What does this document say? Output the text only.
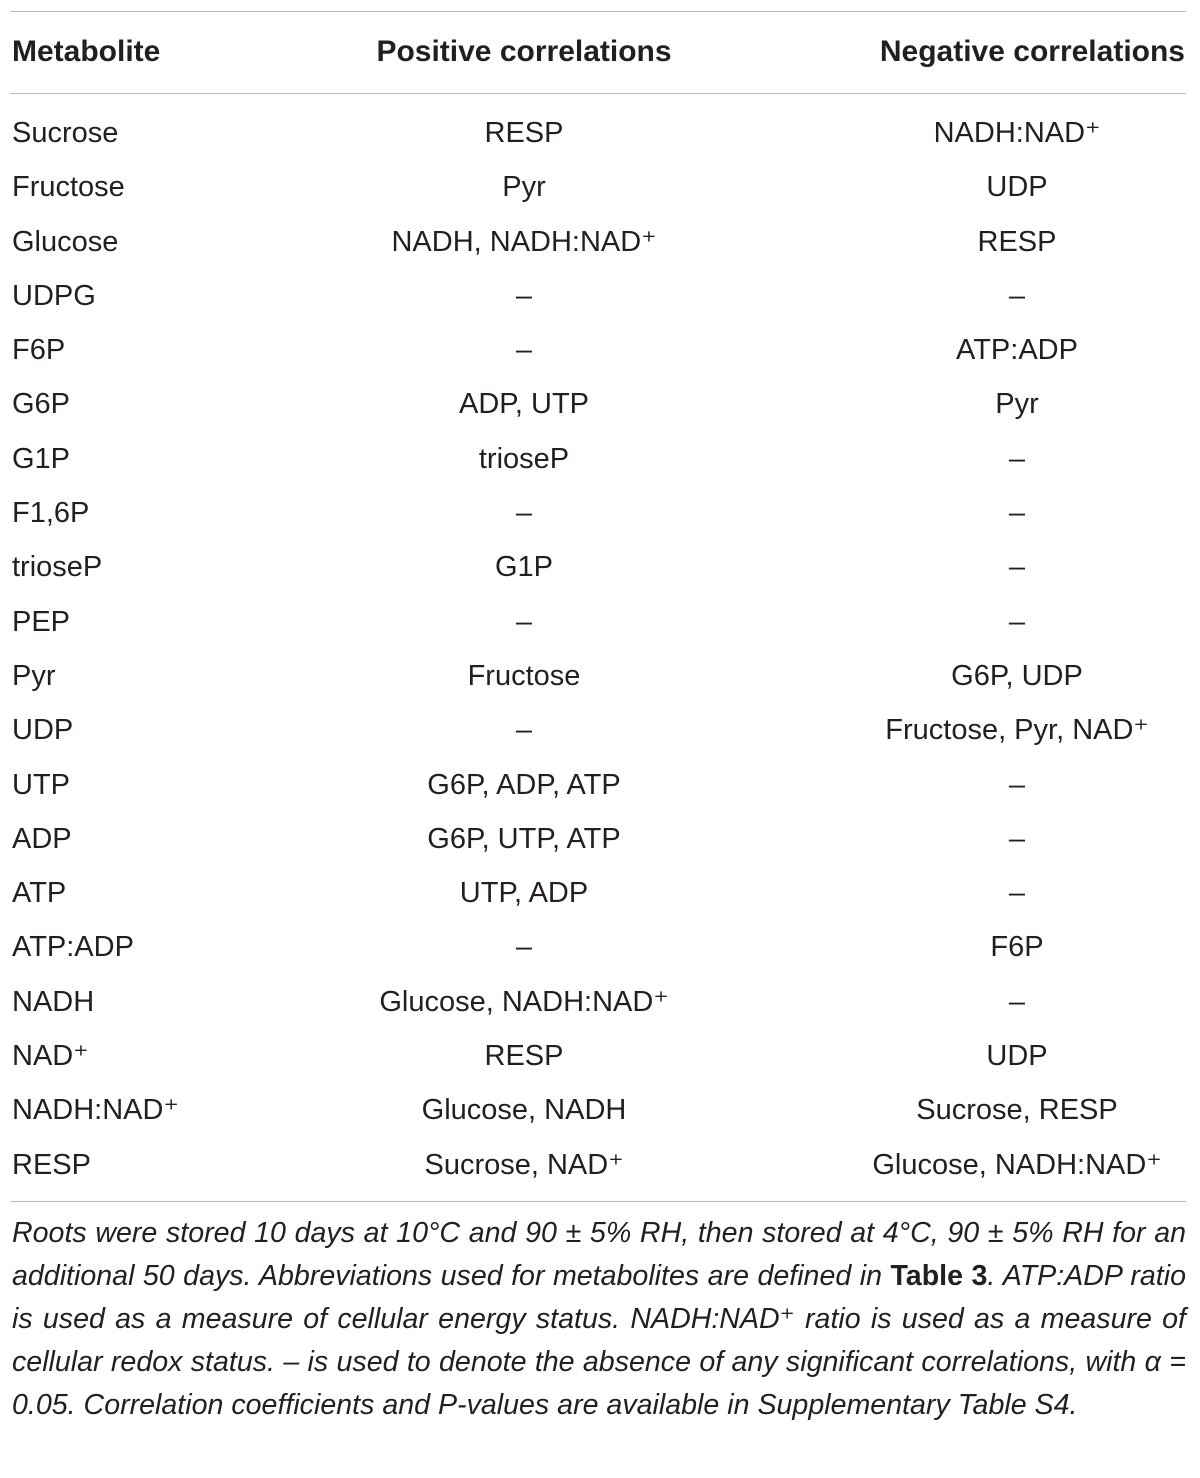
Metabolite	Positive correlations	Negative correlations
Sucrose	RESP	NADH:NAD⁺
Fructose	Pyr	UDP
Glucose	NADH, NADH:NAD⁺	RESP
UDPG	–	–
F6P	–	ATP:ADP
G6P	ADP, UTP	Pyr
G1P	trioseP	–
F1,6P	–	–
trioseP	G1P	–
PEP	–	–
Pyr	Fructose	G6P, UDP
UDP	–	Fructose, Pyr, NAD⁺
UTP	G6P, ADP, ATP	–
ADP	G6P, UTP, ATP	–
ATP	UTP, ADP	–
ATP:ADP	–	F6P
NADH	Glucose, NADH:NAD⁺	–
NAD⁺	RESP	UDP
NADH:NAD⁺	Glucose, NADH	Sucrose, RESP
RESP	Sucrose, NAD⁺	Glucose, NADH:NAD⁺
Roots were stored 10 days at 10°C and 90 ± 5% RH, then stored at 4°C, 90 ± 5% RH for an additional 50 days. Abbreviations used for metabolites are defined in Table 3. ATP:ADP ratio is used as a measure of cellular energy status. NADH:NAD⁺ ratio is used as a measure of cellular redox status. – is used to denote the absence of any significant correlations, with α = 0.05. Correlation coefficients and P-values are available in Supplementary Table S4.
